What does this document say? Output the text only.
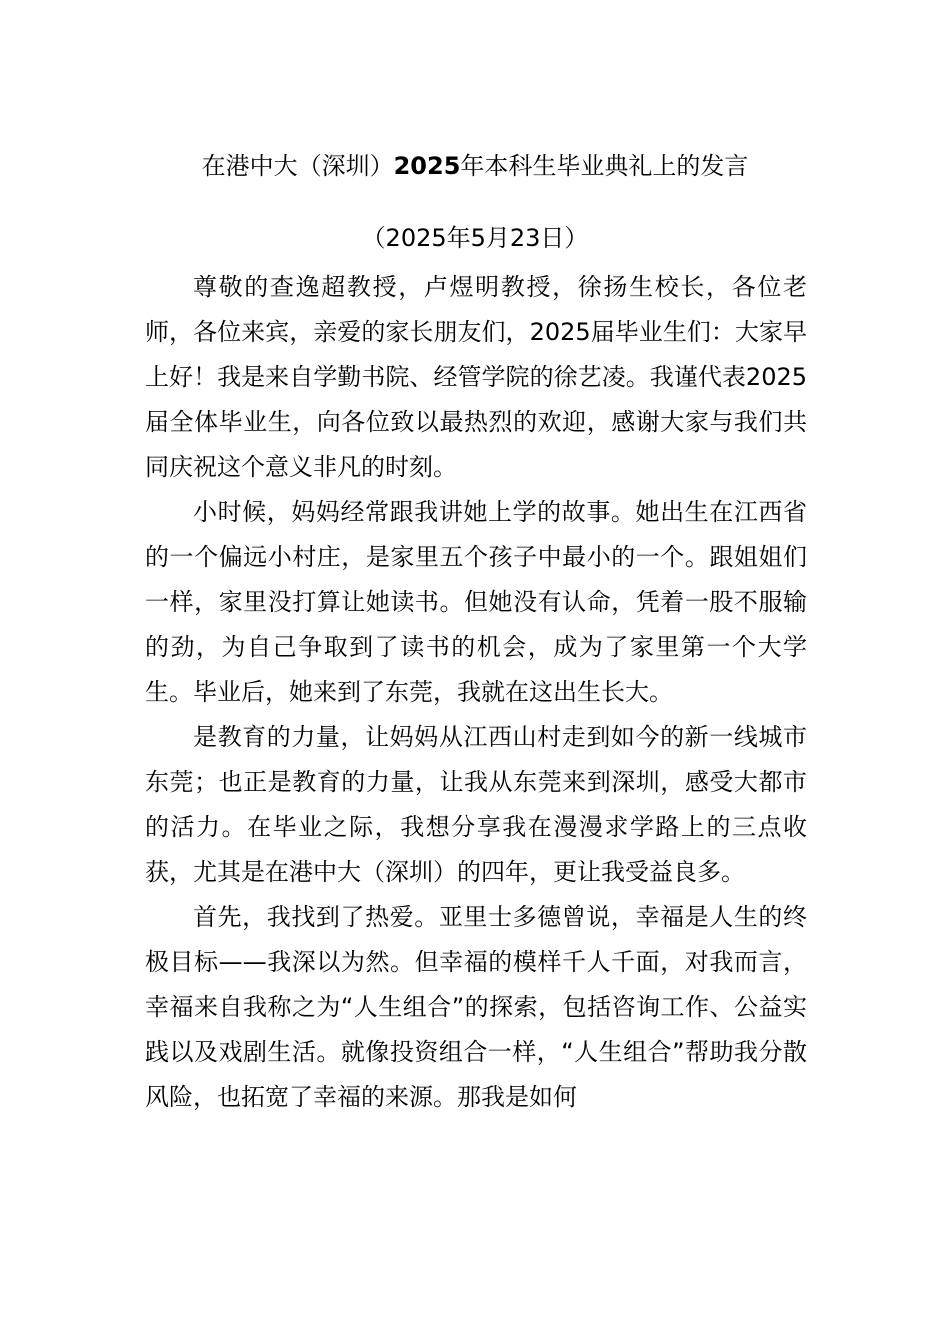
在港中大（深圳）2025年本科生毕业典礼上的发言
（2025年5月23日）

尊敬的查逸超教授，卢煜明教授，徐扬生校长，各位老师，各位来宾，亲爱的家长朋友们，2025届毕业生们：大家早上好！我是来自学勤书院、经管学院的徐艺凌。我谨代表2025届全体毕业生，向各位致以最热烈的欢迎，感谢大家与我们共同庆祝这个意义非凡的时刻。

小时候，妈妈经常跟我讲她上学的故事。她出生在江西省的一个偏远小村庄，是家里五个孩子中最小的一个。跟姐姐们一样，家里没打算让她读书。但她没有认命，凭着一股不服输的劲，为自己争取到了读书的机会，成为了家里第一个大学生。毕业后，她来到了东莞，我就在这出生长大。

是教育的力量，让妈妈从江西山村走到如今的新一线城市东莞；也正是教育的力量，让我从东莞来到深圳，感受大都市的活力。在毕业之际，我想分享我在漫漫求学路上的三点收获，尤其是在港中大（深圳）的四年，更让我受益良多。

首先，我找到了热爱。亚里士多德曾说，幸福是人生的终极目标——我深以为然。但幸福的模样千人千面，对我而言，幸福来自我称之为“人生组合”的探索，包括咨询工作、公益实践以及戏剧生活。就像投资组合一样，“人生组合”帮助我分散风险，也拓宽了幸福的来源。那我是如何
